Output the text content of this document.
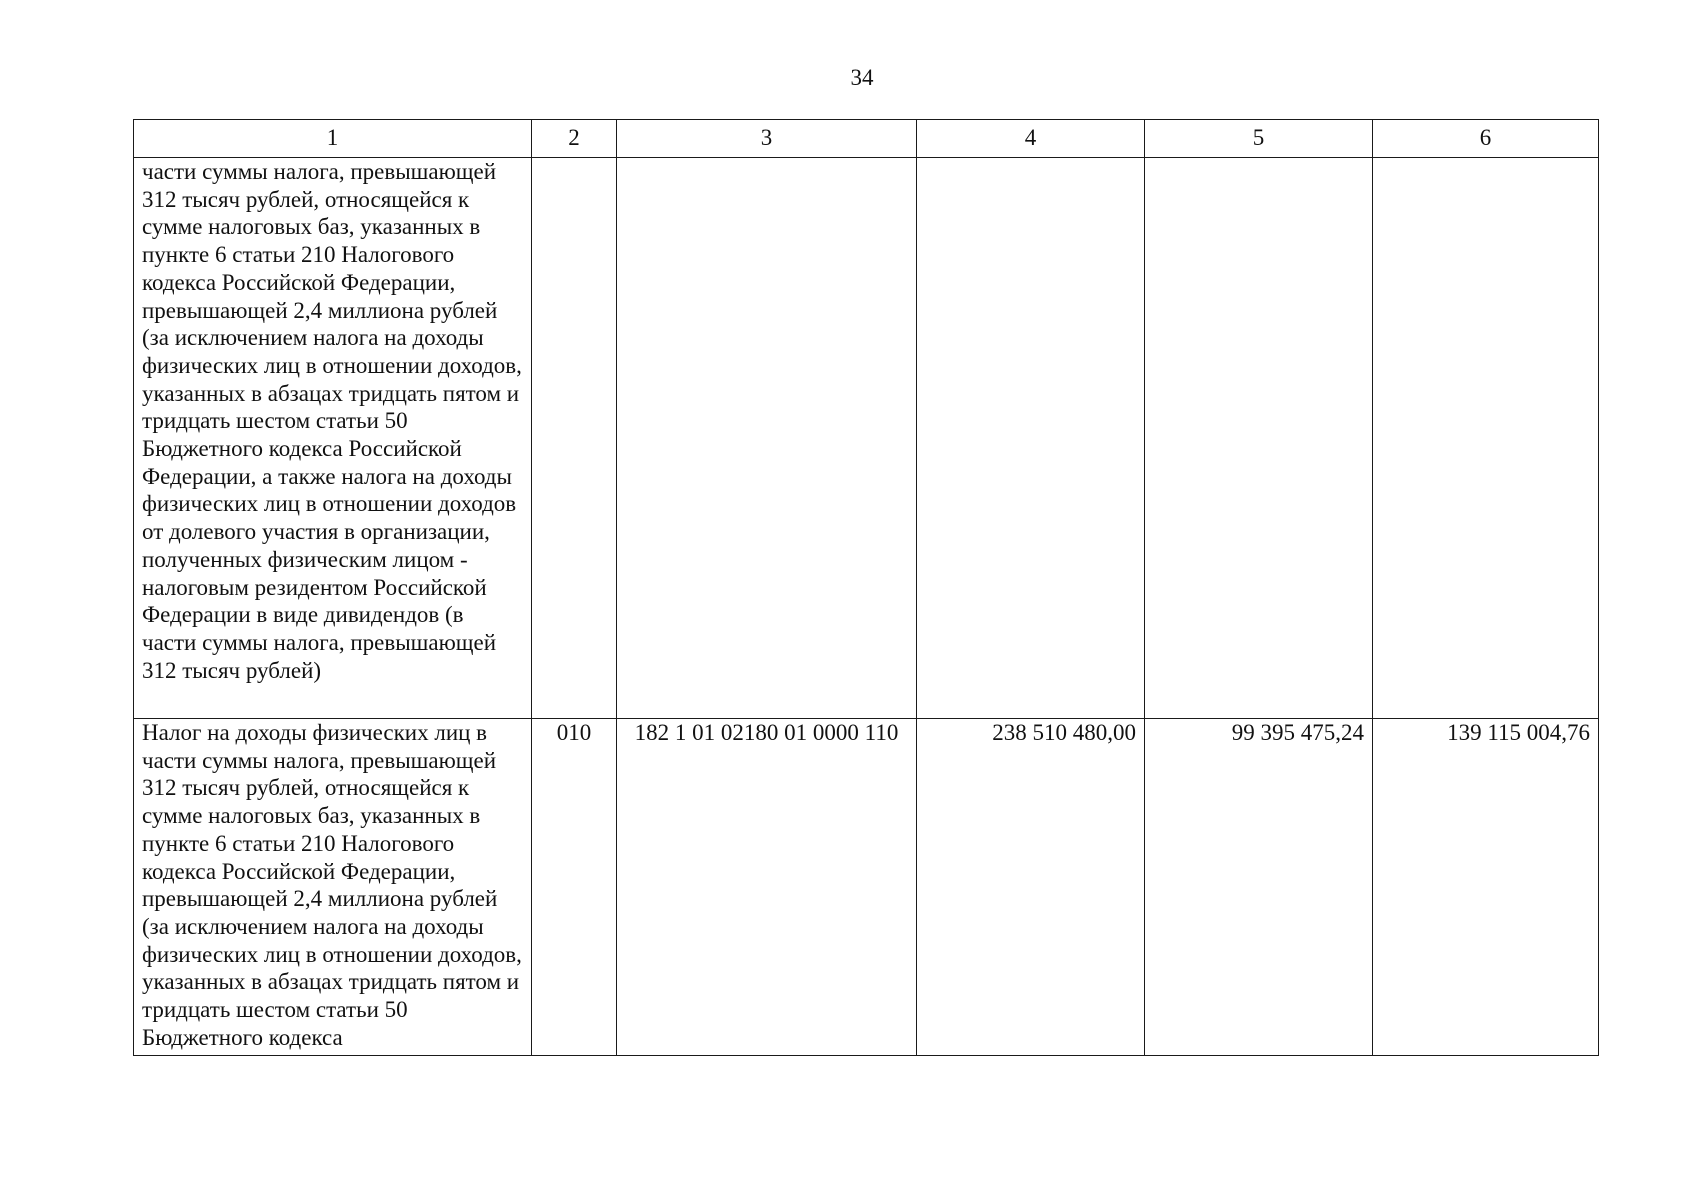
34
1	2	3	4	5	6
части суммы налога, превышающей 312 тысяч рублей, относящейся к сумме налоговых баз, указанных в пункте 6 статьи 210 Налогового кодекса Российской Федерации, превышающей 2,4 миллиона рублей (за исключением налога на доходы физических лиц в отношении доходов, указанных в абзацах тридцать пятом и тридцать шестом статьи 50 Бюджетного кодекса Российской Федерации, а также налога на доходы физических лиц в отношении доходов от долевого участия в организации, полученных физическим лицом - налоговым резидентом Российской Федерации в виде дивидендов (в части суммы налога, превышающей 312 тысяч рублей)					
Налог на доходы физических лиц в части суммы налога, превышающей 312 тысяч рублей, относящейся к сумме налоговых баз, указанных в пункте 6 статьи 210 Налогового кодекса Российской Федерации, превышающей 2,4 миллиона рублей (за исключением налога на доходы физических лиц в отношении доходов, указанных в абзацах тридцать пятом и тридцать шестом статьи 50 Бюджетного кодекса	010	182 1 01 02180 01 0000 110	238 510 480,00	99 395 475,24	139 115 004,76
